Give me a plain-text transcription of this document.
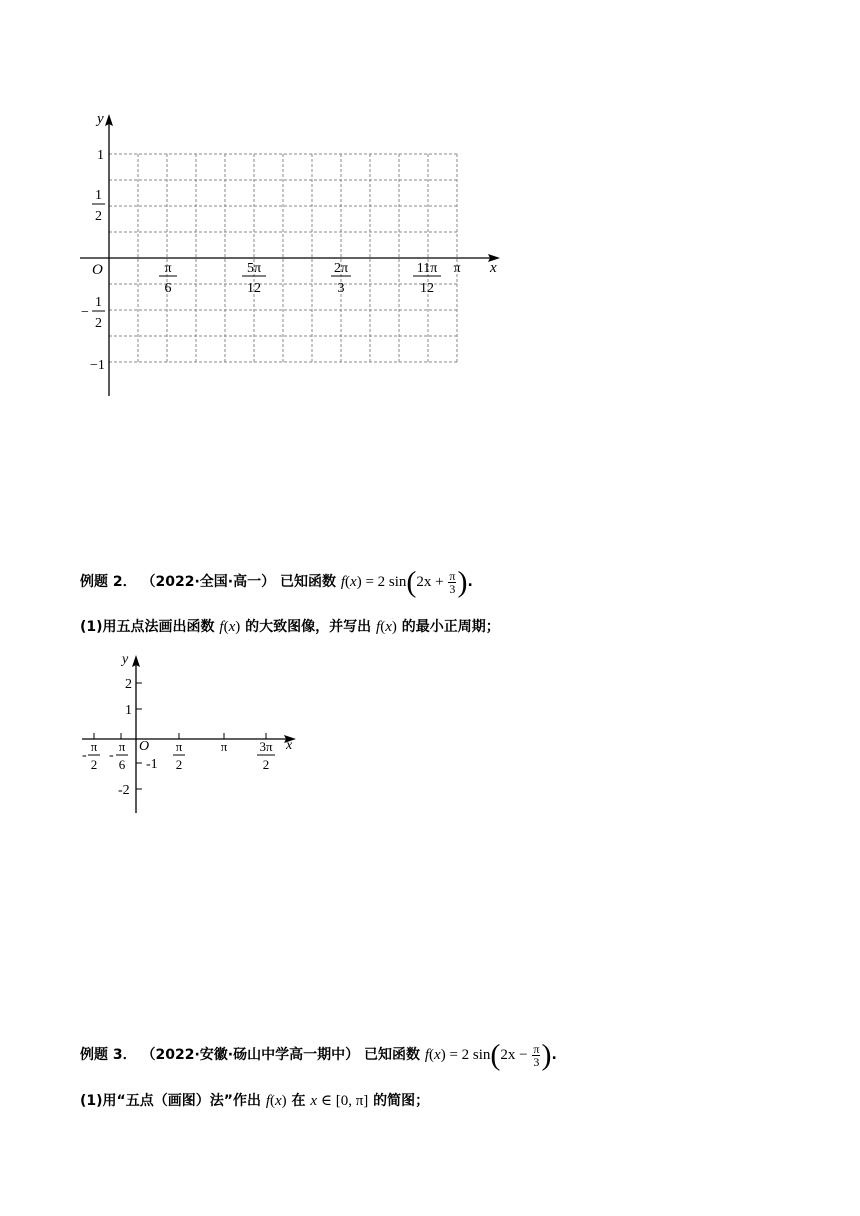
y
x
O
1
1
2
−
1
2
−1
π
6
5π
12
2π
3
11π
12
π
例题 2． （2022·全国·高一） 已知函数 f(x) = 2 $\sin(2x + \frac{\pi}{3}$ ).
(1)用五点法画出函数 f(x) 的大致图像，并写出 f(x) 的最小正周期；
y
x
O
2
1
-1
-2
-
π
2
-
π
6
π
2
π 3π
2
例题 3． （2022·安徽·砀山中学高一期中） 已知函数 f(x) = 2 $\sin(2x - \frac{\pi}{3}$ ).
(1)用“五点（画图）法”作出 f(x) 在 x ∈ [0, π] 的简图；
